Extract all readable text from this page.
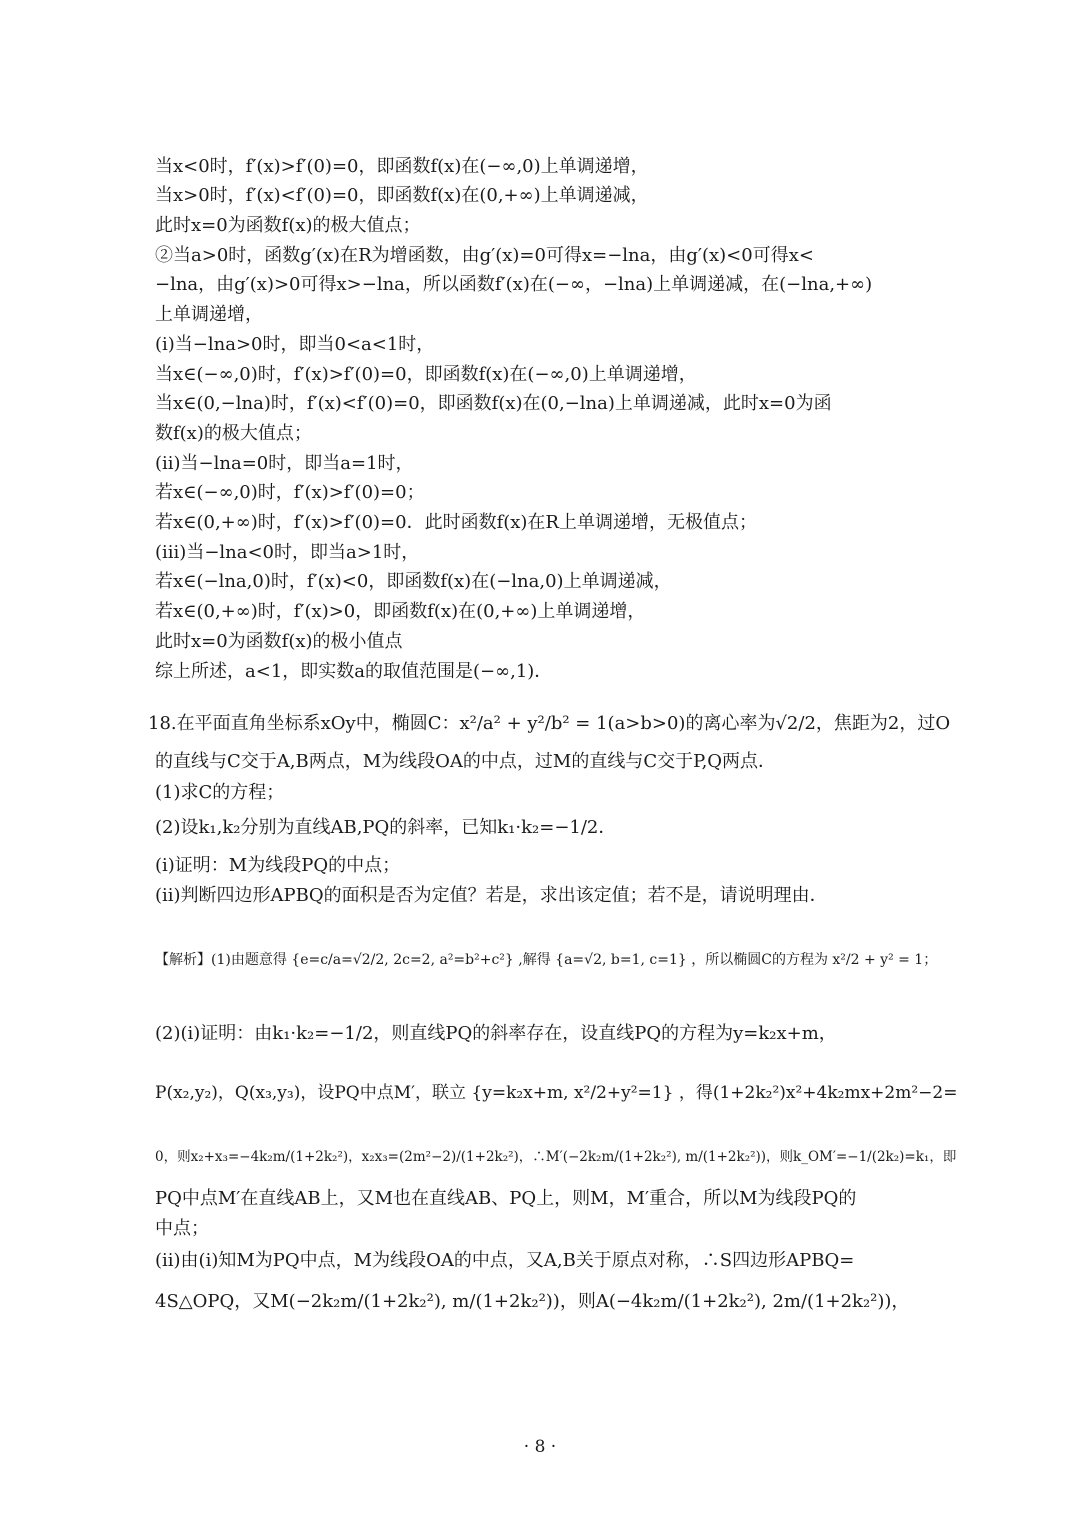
当x<0时，f′(x)>f′(0)=0，即函数f(x)在(−∞,0)上单调递增，
当x>0时，f′(x)<f′(0)=0，即函数f(x)在(0,+∞)上单调递减，
此时x=0为函数f(x)的极大值点；
②当a>0时，函数g′(x)在R为增函数，由g′(x)=0可得x=−lna，由g′(x)<0可得x<
−lna，由g′(x)>0可得x>−lna，所以函数f′(x)在(−∞，−lna)上单调递减，在(−lna,+∞)
上单调递增，
(i)当−lna>0时，即当0<a<1时，
当x∈(−∞,0)时，f′(x)>f′(0)=0，即函数f(x)在(−∞,0)上单调递增，
当x∈(0,−lna)时，f′(x)<f′(0)=0，即函数f(x)在(0,−lna)上单调递减，此时x=0为函
数f(x)的极大值点；
(ii)当−lna=0时，即当a=1时，
若x∈(−∞,0)时，f′(x)>f′(0)=0；
若x∈(0,+∞)时，f′(x)>f′(0)=0．此时函数f(x)在R上单调递增，无极值点；
(iii)当−lna<0时，即当a>1时，
若x∈(−lna,0)时，f′(x)<0，即函数f(x)在(−lna,0)上单调递减，
若x∈(0,+∞)时，f′(x)>0，即函数f(x)在(0,+∞)上单调递增，
此时x=0为函数f(x)的极小值点
综上所述，a<1，即实数a的取值范围是(−∞,1)．
18.在平面直角坐标系xOy中，椭圆C：x²/a² + y²/b² = 1(a>b>0)的离心率为√2/2，焦距为2，过O
的直线与C交于A,B两点，M为线段OA的中点，过M的直线与C交于P,Q两点．
(1)求C的方程；
(2)设k₁,k₂分别为直线AB,PQ的斜率，已知k₁·k₂=−1/2．
(ⅰ)证明：M为线段PQ的中点；
(ⅱ)判断四边形APBQ的面积是否为定值？若是，求出该定值；若不是，请说明理由．
【解析】(1)由题意得 {e=c/a=√2/2, 2c=2, a²=b²+c²} ,解得 {a=√2, b=1, c=1} ，所以椭圆C的方程为 x²/2 + y² = 1；
(2)(ⅰ)证明：由k₁·k₂=−1/2，则直线PQ的斜率存在，设直线PQ的方程为y=k₂x+m，
P(x₂,y₂)，Q(x₃,y₃)，设PQ中点M′，联立 {y=k₂x+m, x²/2+y²=1} ，得(1+2k₂²)x²+4k₂mx+2m²−2=
0，则x₂+x₃=−4k₂m/(1+2k₂²)，x₂x₃=(2m²−2)/(1+2k₂²)，∴M′(−2k₂m/(1+2k₂²), m/(1+2k₂²))，则k_OM′=−1/(2k₂)=k₁，即
PQ中点M′在直线AB上，又M也在直线AB、PQ上，则M，M′重合，所以M为线段PQ的
中点；
(ⅱ)由(ⅰ)知M为PQ中点，M为线段OA的中点，又A,B关于原点对称，∴S四边形APBQ=
4S△OPQ，又M(−2k₂m/(1+2k₂²), m/(1+2k₂²))，则A(−4k₂m/(1+2k₂²), 2m/(1+2k₂²))，
· 8 ·
